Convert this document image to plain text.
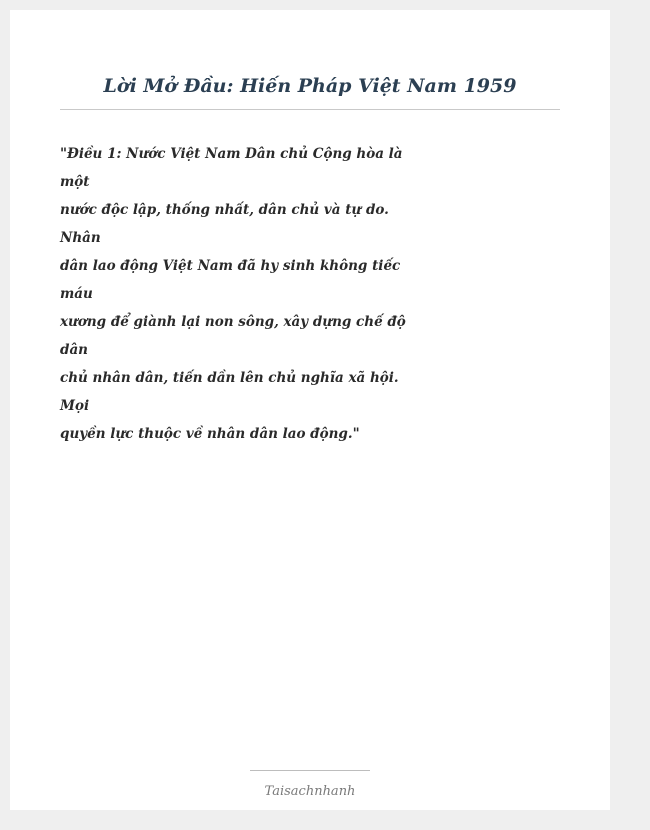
Lời Mở Đầu: Hiến Pháp Việt Nam 1959
"Điều 1: Nước Việt Nam Dân chủ Cộng hòa là
một
nước độc lập, thống nhất, dân chủ và tự do.
Nhân
dân lao động Việt Nam đã hy sinh không tiếc
máu
xương để giành lại non sông, xây dựng chế độ
dân
chủ nhân dân, tiến dần lên chủ nghĩa xã hội.
Mọi
quyền lực thuộc về nhân dân lao động."
Taisachnhanh
